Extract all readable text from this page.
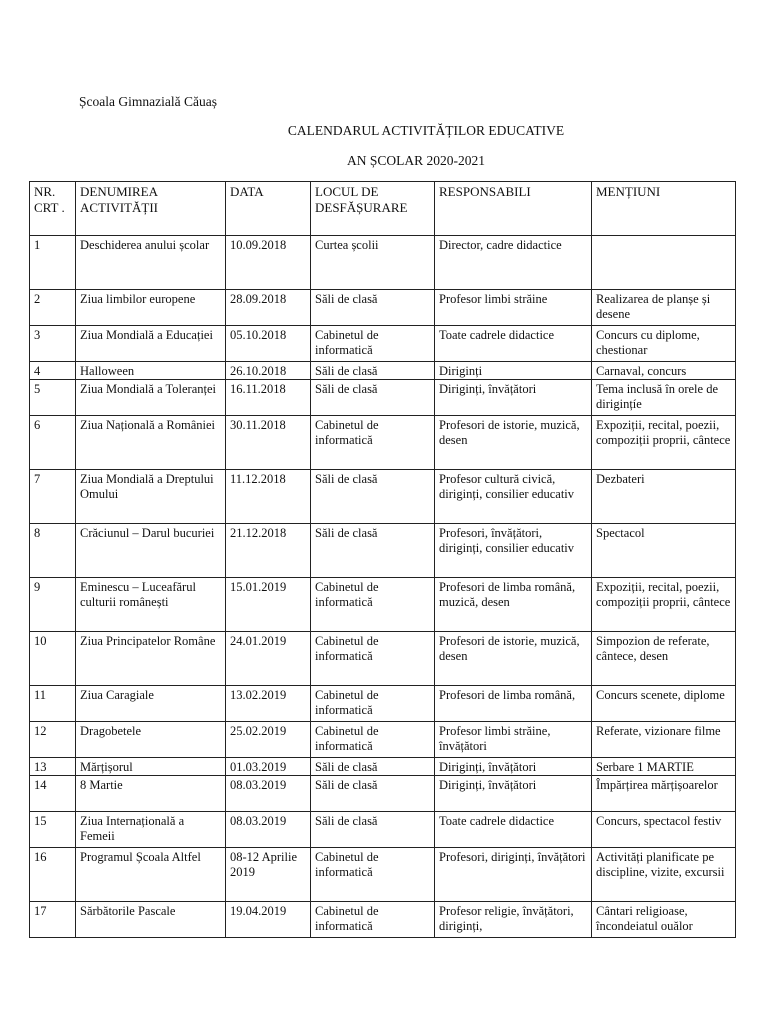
Școala Gimnazială Căuaș
CALENDARUL ACTIVITĂȚILOR EDUCATIVE
AN ȘCOLAR 2020-2021
NR. CRT .	DENUMIREA ACTIVITĂȚII	DATA	LOCUL DE DESFĂȘURARE	RESPONSABILI	MENȚIUNI
1	Deschiderea anului școlar	10.09.2018	Curtea școlii	Director, cadre didactice	
2	Ziua limbilor europene	28.09.2018	Săli de clasă	Profesor limbi străine	Realizarea de planșe și desene
3	Ziua Mondială a Educației	05.10.2018	Cabinetul de informatică	Toate cadrele didactice	Concurs cu diplome, chestionar
4	Halloween	26.10.2018	Săli de clasă	Diriginți	Carnaval, concurs
5	Ziua Mondială a Toleranței	16.11.2018	Săli de clasă	Diriginți, învățători	Tema inclusă în orele de dirigințíe
6	Ziua Națională a României	30.11.2018	Cabinetul de informatică	Profesori de istorie, muzică, desen	Expoziții, recital, poezii, compoziții proprii, cântece
7	Ziua Mondială a Dreptului Omului	11.12.2018	Săli de clasă	Profesor cultură civică, diriginți, consilier educativ	Dezbateri
8	Crăciunul – Darul bucuriei	21.12.2018	Săli de clasă	Profesori, învățători, diriginți, consilier educativ	Spectacol
9	Eminescu – Luceafărul culturii românești	15.01.2019	Cabinetul de informatică	Profesori de limba română, muzică, desen	Expoziții, recital, poezii, compoziții proprii, cântece
10	Ziua Principatelor Române	24.01.2019	Cabinetul de informatică	Profesori de istorie, muzică, desen	Simpozion de referate, cântece, desen
11	Ziua Caragiale	13.02.2019	Cabinetul de informatică	Profesori de limba română,	Concurs scenete, diplome
12	Dragobetele	25.02.2019	Cabinetul de informatică	Profesor limbi străine, învățători	Referate, vizionare filme
13	Mărțișorul	01.03.2019	Săli de clasă	Diriginți, învățători	Serbare 1 MARTIE
14	8 Martie	08.03.2019	Săli de clasă	Diriginți, învățători	Împărțirea mărțișoarelor
15	Ziua Internațională a Femeii	08.03.2019	Săli de clasă	Toate cadrele didactice	Concurs, spectacol festiv
16	Programul Școala Altfel	08-12 Aprilie 2019	Cabinetul de informatică	Profesori, diriginți, învățători	Activități planificate pe discipline, vizite, excursii
17	Sărbătorile Pascale	19.04.2019	Cabinetul de informatică	Profesor religie, învățători, diriginți,	Cântari religioase, încondeiatul ouălor
